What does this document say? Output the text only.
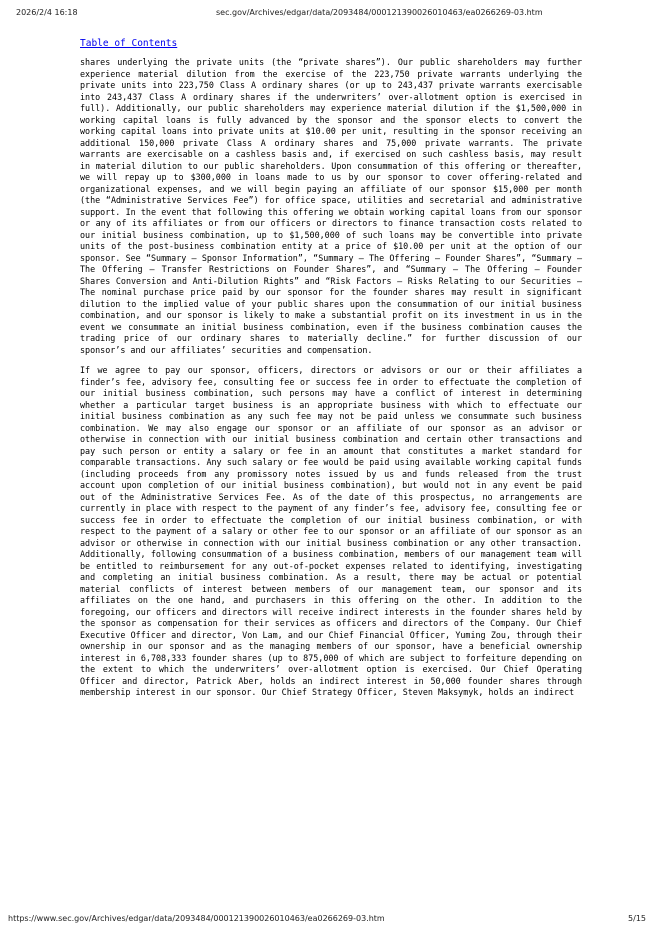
2026/2/4 16:18	sec.gov/Archives/edgar/data/2093484/000121390026010463/ea0266269-03.htm
Table of Contents

shares underlying the private units (the “private shares”). Our public shareholders may further experience material dilution from the exercise of the 223,750 private warrants underlying the private units into 223,750 Class A ordinary shares (or up to 243,437 private warrants exercisable into 243,437 Class A ordinary shares if the underwriters’ over-allotment option is exercised in full). Additionally, our public shareholders may experience material dilution if the $1,500,000 in working capital loans is fully advanced by the sponsor and the sponsor elects to convert the working capital loans into private units at $10.00 per unit, resulting in the sponsor receiving an additional 150,000 private Class A ordinary shares and 75,000 private warrants. The private warrants are exercisable on a cashless basis and, if exercised on such cashless basis, may result in material dilution to our public shareholders. Upon consummation of this offering or thereafter, we will repay up to $300,000 in loans made to us by our sponsor to cover offering-related and organizational expenses, and we will begin paying an affiliate of our sponsor $15,000 per month (the “Administrative Services Fee”) for office space, utilities and secretarial and administrative support. In the event that following this offering we obtain working capital loans from our sponsor or any of its affiliates or from our officers or directors to finance transaction costs related to our initial business combination, up to $1,500,000 of such loans may be convertible into private units of the post-business combination entity at a price of $10.00 per unit at the option of our sponsor. See “Summary — Sponsor Information”, “Summary — The Offering — Founder Shares”, “Summary — The Offering — Transfer Restrictions on Founder Shares”, and “Summary — The Offering — Founder Shares Conversion and Anti-Dilution Rights” and “Risk Factors — Risks Relating to our Securities — The nominal purchase price paid by our sponsor for the founder shares may result in significant dilution to the implied value of your public shares upon the consummation of our initial business combination, and our sponsor is likely to make a substantial profit on its investment in us in the event we consummate an initial business combination, even if the business combination causes the trading price of our ordinary shares to materially decline.” for further discussion of our sponsor’s and our affiliates’ securities and compensation.

If we agree to pay our sponsor, officers, directors or advisors or our or their affiliates a finder’s fee, advisory fee, consulting fee or success fee in order to effectuate the completion of our initial business combination, such persons may have a conflict of interest in determining whether a particular target business is an appropriate business with which to effectuate our initial business combination as any such fee may not be paid unless we consummate such business combination. We may also engage our sponsor or an affiliate of our sponsor as an advisor or otherwise in connection with our initial business combination and certain other transactions and pay such person or entity a salary or fee in an amount that constitutes a market standard for comparable transactions. Any such salary or fee would be paid using available working capital funds (including proceeds from any promissory notes issued by us and funds released from the trust account upon completion of our initial business combination), but would not in any event be paid out of the Administrative Services Fee. As of the date of this prospectus, no arrangements are currently in place with respect to the payment of any finder’s fee, advisory fee, consulting fee or success fee in order to effectuate the completion of our initial business combination, or with respect to the payment of a salary or other fee to our sponsor or an affiliate of our sponsor as an advisor or otherwise in connection with our initial business combination or any other transaction. Additionally, following consummation of a business combination, members of our management team will be entitled to reimbursement for any out-of-pocket expenses related to identifying, investigating and completing an initial business combination. As a result, there may be actual or potential material conflicts of interest between members of our management team, our sponsor and its affiliates on the one hand, and purchasers in this offering on the other. In addition to the foregoing, our officers and directors will receive indirect interests in the founder shares held by the sponsor as compensation for their services as officers and directors of the Company. Our Chief Executive Officer and director, Von Lam, and our Chief Financial Officer, Yuming Zou, through their ownership in our sponsor and as the managing members of our sponsor, have a beneficial ownership interest in 6,708,333 founder shares (up to 875,000 of which are subject to forfeiture depending on the extent to which the underwriters’ over-allotment option is exercised. Our Chief Operating Officer and director, Patrick Aber, holds an indirect interest in 50,000 founder shares through membership interest in our sponsor. Our Chief Strategy Officer, Steven Maksymyk, holds an indirect

https://www.sec.gov/Archives/edgar/data/2093484/000121390026010463/ea0266269-03.htm	5/15
